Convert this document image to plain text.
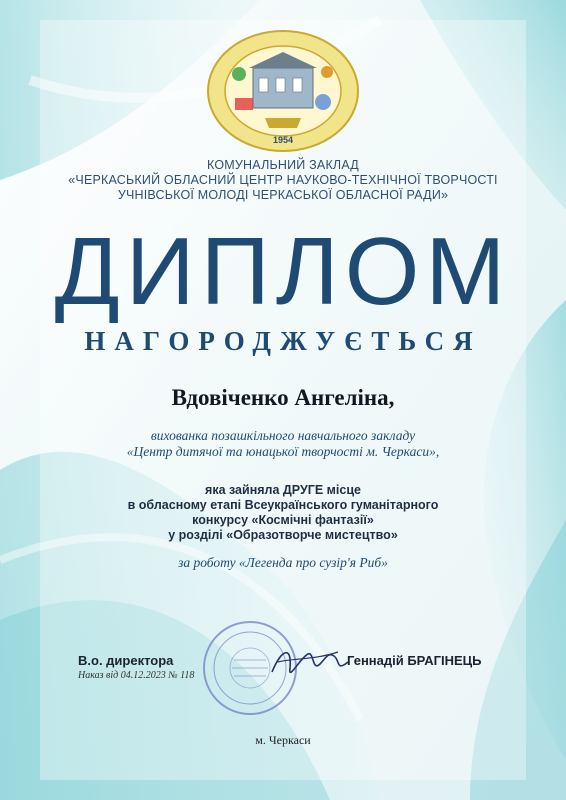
1954
КОМУНАЛЬНИЙ ЗАКЛАД
«ЧЕРКАСЬКИЙ ОБЛАСНИЙ ЦЕНТР НАУКОВО-ТЕХНІЧНОЇ ТВОРЧОСТІ
УЧНІВСЬКОЇ МОЛОДІ ЧЕРКАСЬКОЇ ОБЛАСНОЇ РАДИ»
ДИПЛОМ
НАГОРОДЖУЄТЬСЯ
Вдовіченко Ангеліна,
вихованка позашкільного навчального закладу
«Центр дитячої та юнацької творчості м. Черкаси»,
яка зайняла ДРУГЕ місце
в обласному етапі Всеукраїнського гуманітарного
конкурсу «Космічні фантазії»
у розділі «Образотворче мистецтво»
за роботу «Легенда про сузір'я Риб»
В.о. директора
Наказ від 04.12.2023 № 118
Геннадій БРАГІНЕЦЬ
м. Черкаси
